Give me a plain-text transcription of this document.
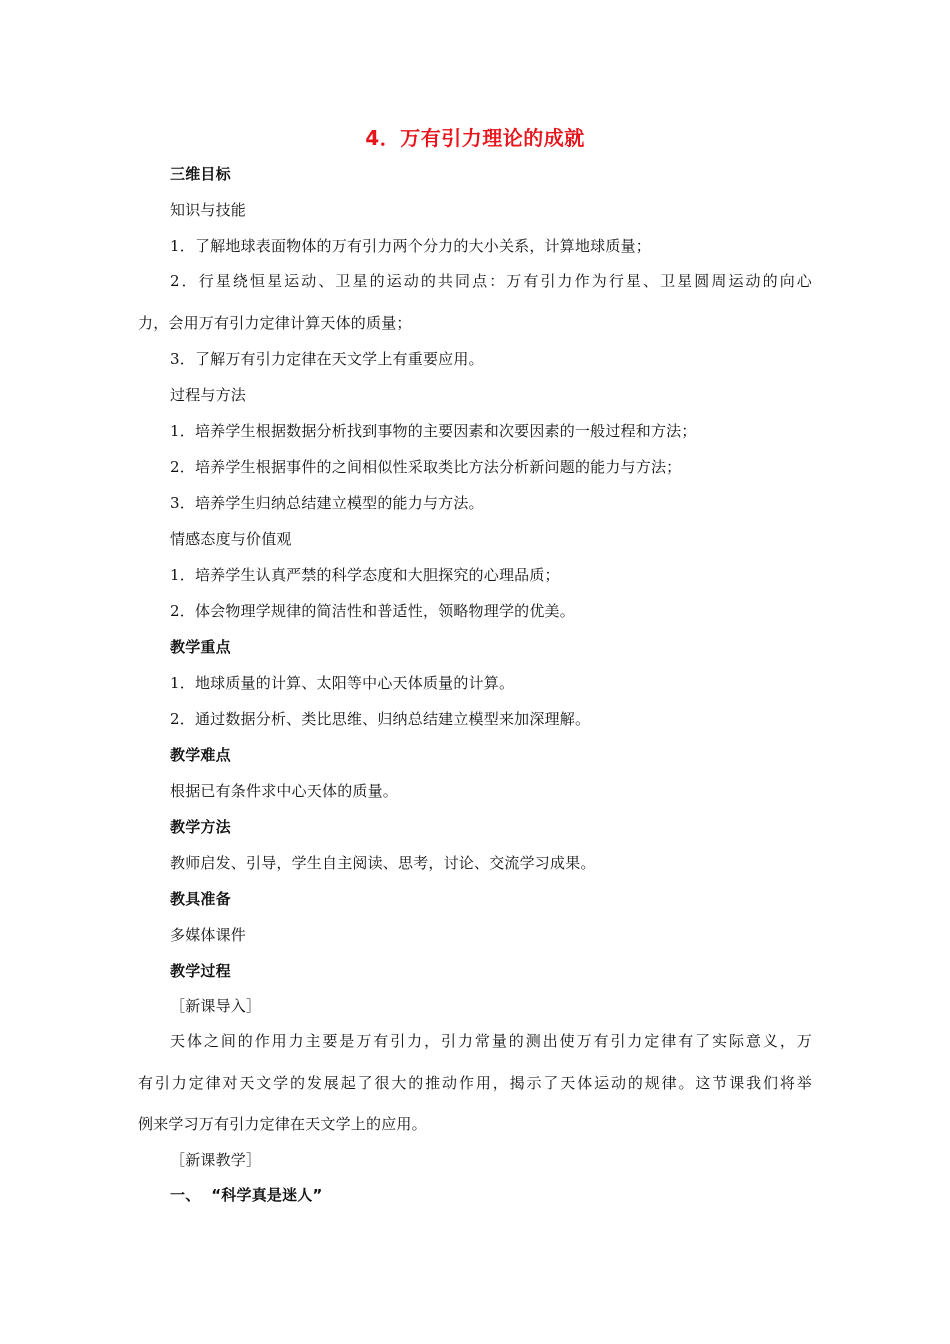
4．万有引力理论的成就
三维目标
知识与技能
1．了解地球表面物体的万有引力两个分力的大小关系，计算地球质量；
2．行星绕恒星运动、卫星的运动的共同点：万有引力作为行星、卫星圆周运动的向心
力，会用万有引力定律计算天体的质量；
3．了解万有引力定律在天文学上有重要应用。
过程与方法
1．培养学生根据数据分析找到事物的主要因素和次要因素的一般过程和方法；
2．培养学生根据事件的之间相似性采取类比方法分析新问题的能力与方法；
3．培养学生归纳总结建立模型的能力与方法。
情感态度与价值观
1．培养学生认真严禁的科学态度和大胆探究的心理品质；
2．体会物理学规律的简洁性和普适性，领略物理学的优美。
教学重点
1．地球质量的计算、太阳等中心天体质量的计算。
2．通过数据分析、类比思维、归纳总结建立模型来加深理解。
教学难点
根据已有条件求中心天体的质量。
教学方法
教师启发、引导，学生自主阅读、思考，讨论、交流学习成果。
教具准备
多媒体课件
教学过程
［新课导入］
天体之间的作用力主要是万有引力，引力常量的测出使万有引力定律有了实际意义，万
有引力定律对天文学的发展起了很大的推动作用，揭示了天体运动的规律。这节课我们将举
例来学习万有引力定律在天文学上的应用。
［新课教学］
一、  “科学真是迷人”
